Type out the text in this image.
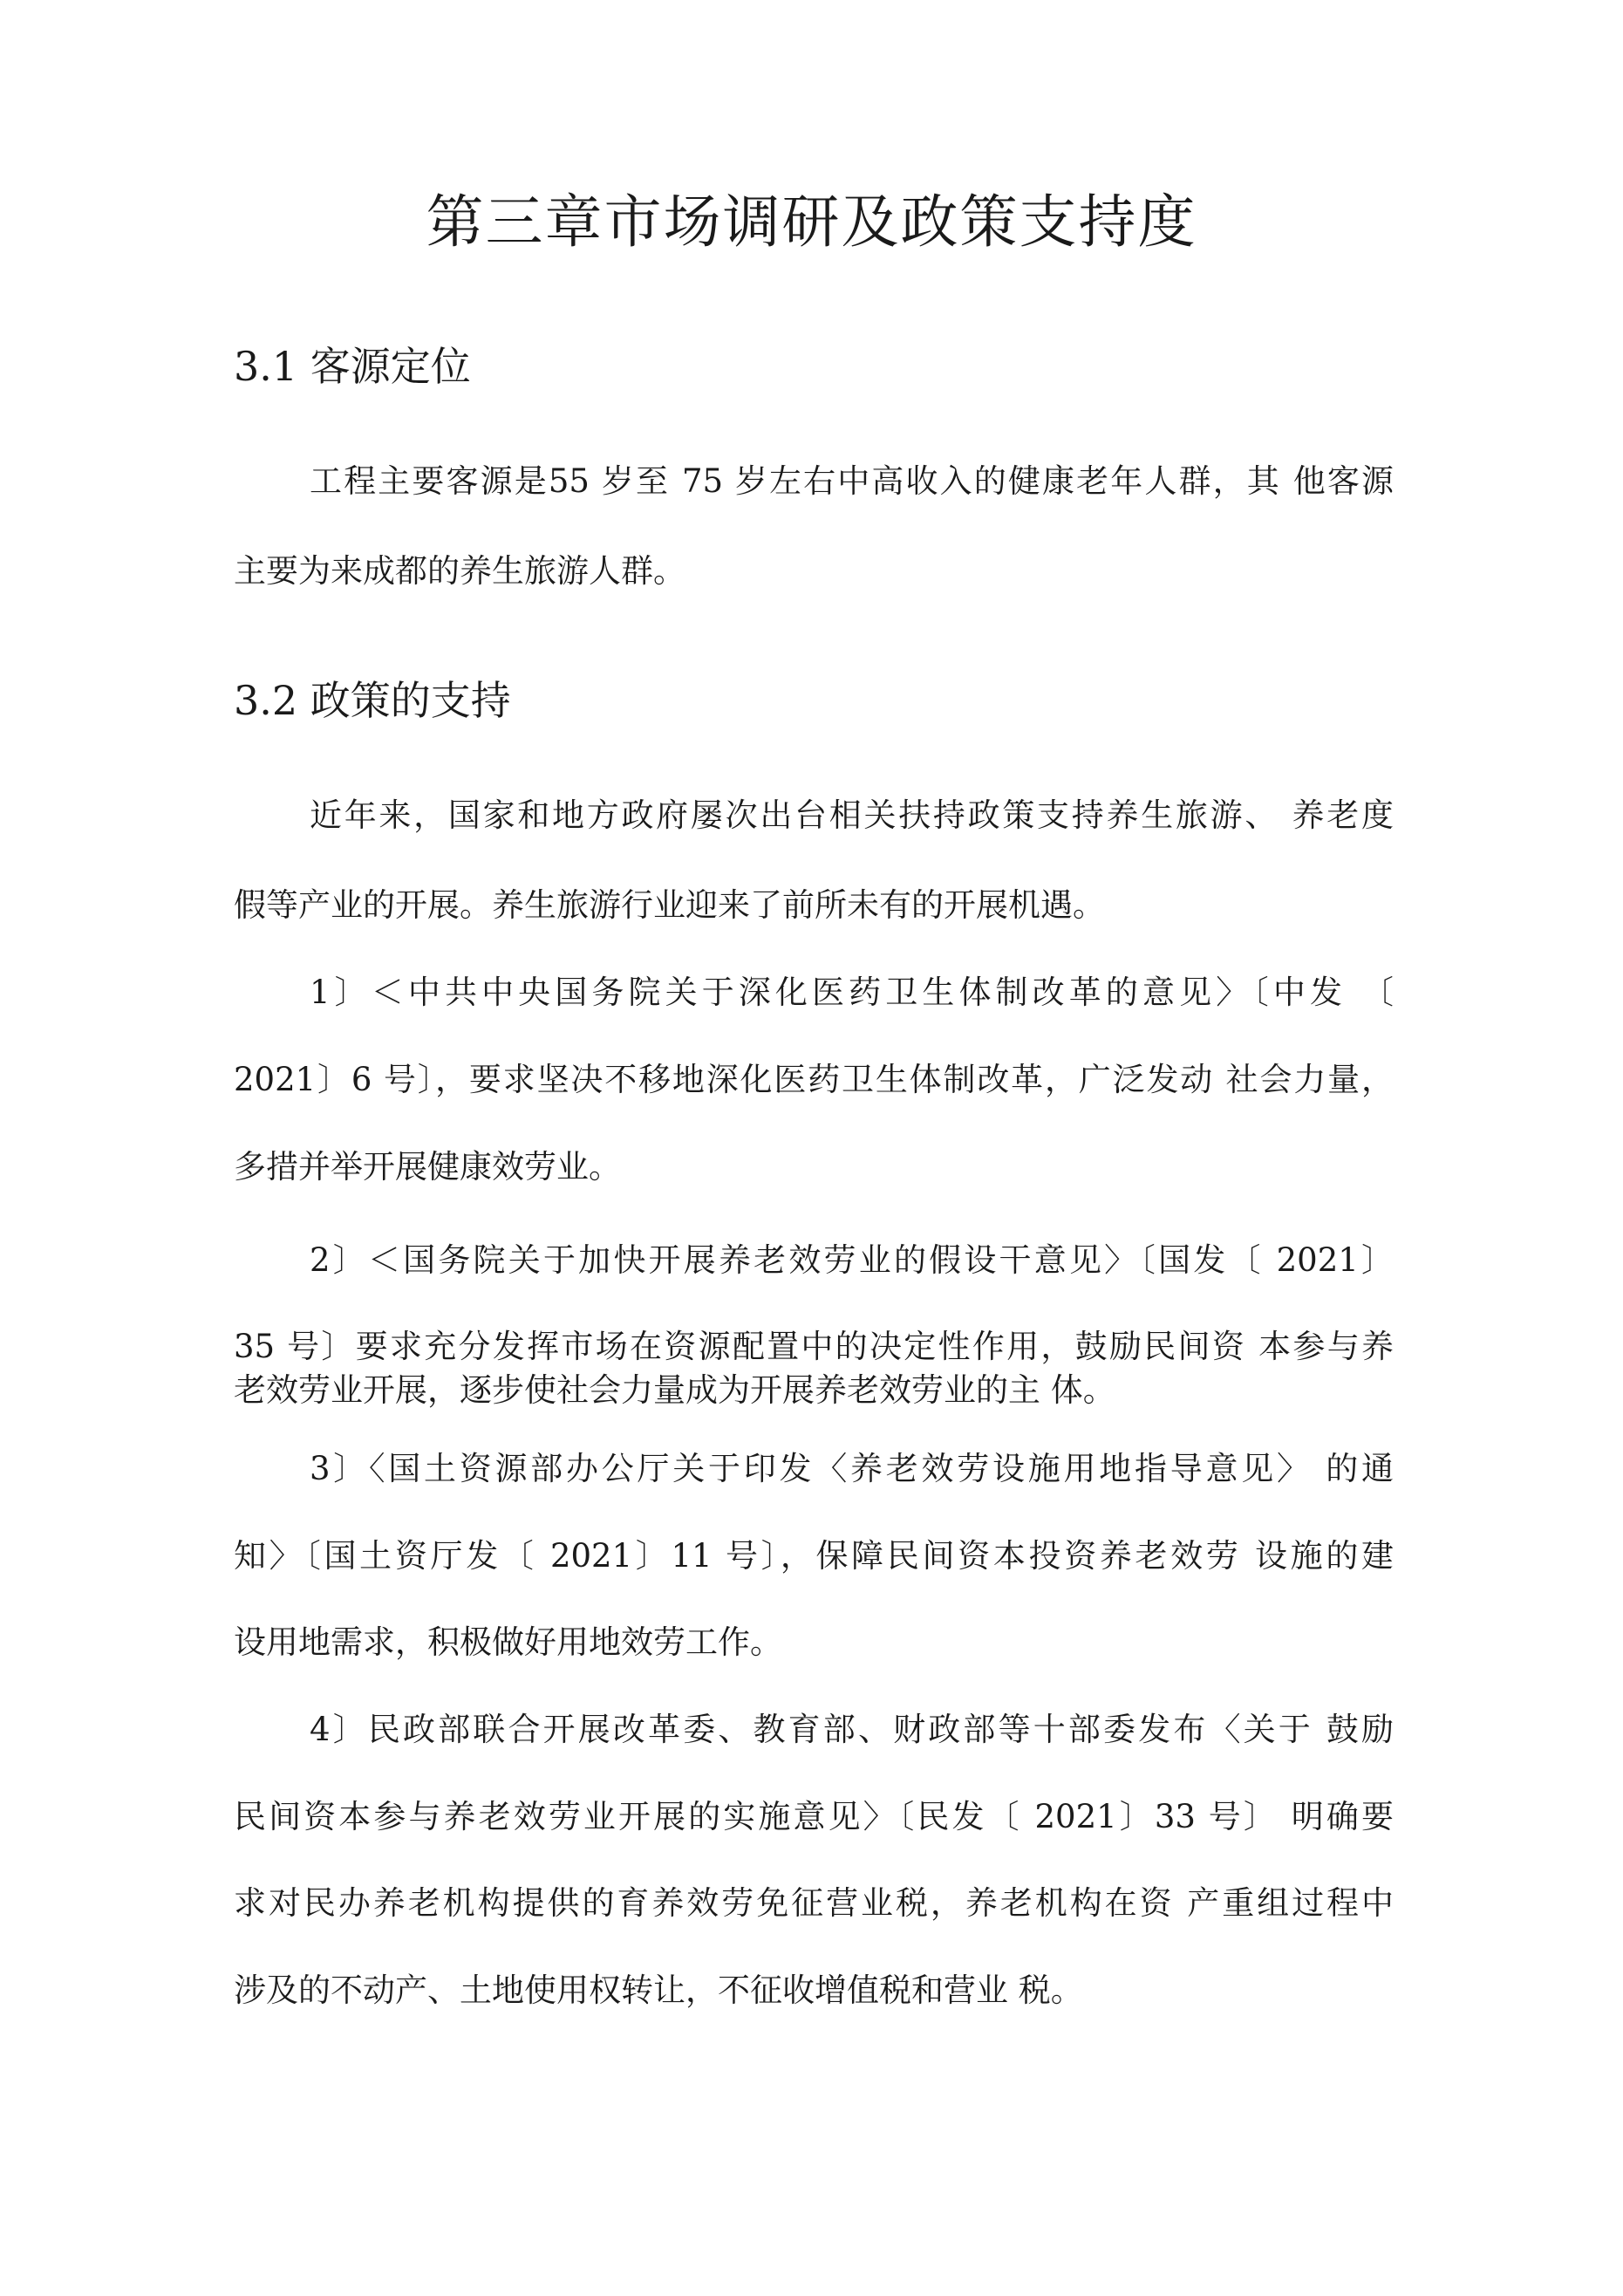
第三章市场调研及政策支持度
3.1 客源定位
工程主要客源是55 岁至 75 岁左右中高收入的健康老年人群，其 他客源
主要为来成都的养生旅游人群。
3.2 政策的支持
近年来，国家和地方政府屡次出台相关扶持政策支持养生旅游、 养老度
假等产业的开展。养生旅游行业迎来了前所未有的开展机遇。
1〕＜中共中央国务院关于深化医药卫生体制改革的意见〉〔中发 〔
2021〕6 号〕，要求坚决不移地深化医药卫生体制改革，广泛发动 社会力量，
多措并举开展健康效劳业。
2〕＜国务院关于加快开展养老效劳业的假设干意见〉〔国发〔 2021〕
35 号〕要求充分发挥市场在资源配置中的决定性作用，鼓励民间资 本参与养
老效劳业开展，逐步使社会力量成为开展养老效劳业的主 体。
3〕〈国土资源部办公厅关于印发〈养老效劳设施用地指导意见〉 的通
知〉〔国土资厅发〔 2021〕11 号〕，保障民间资本投资养老效劳 设施的建
设用地需求，积极做好用地效劳工作。
4〕民政部联合开展改革委、教育部、财政部等十部委发布〈关于 鼓励
民间资本参与养老效劳业开展的实施意见〉〔民发〔 2021〕33 号〕 明确要
求对民办养老机构提供的育养效劳免征营业税，养老机构在资 产重组过程中
涉及的不动产、土地使用权转让，不征收增值税和营业 税。
